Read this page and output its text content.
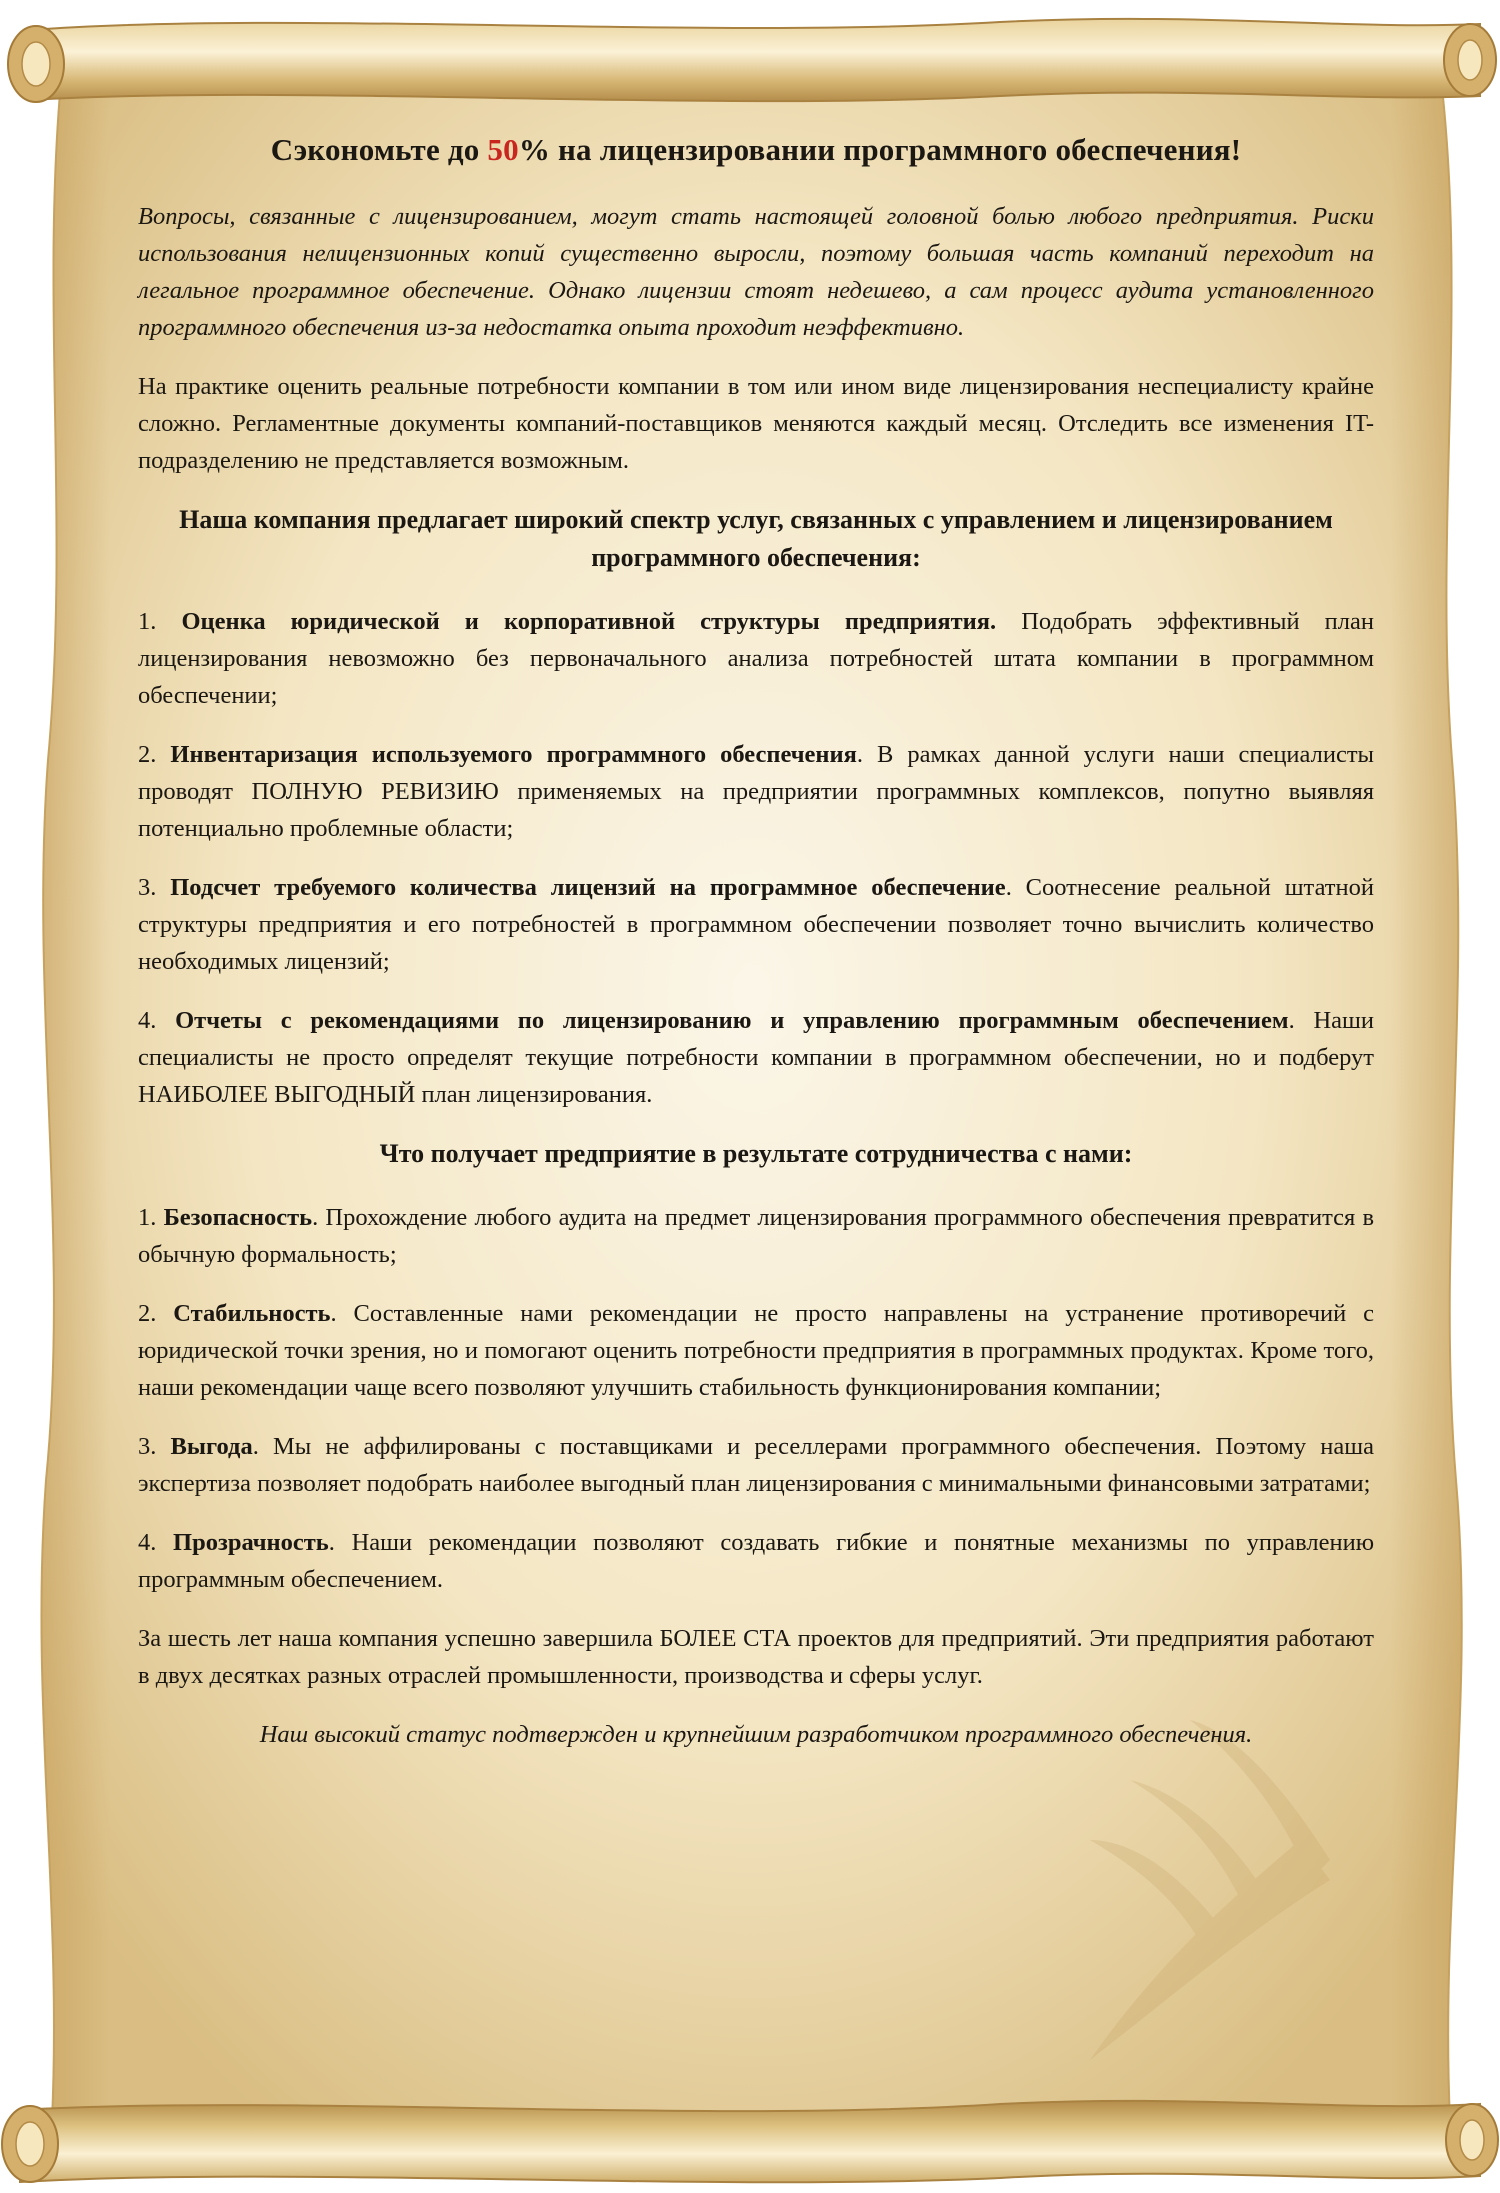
Сэкономьте до 50% на лицензировании программного обеспечения!

Вопросы, связанные с лицензированием, могут стать настоящей головной болью любого предприятия. Риски использования нелицензионных копий существенно выросли, поэтому большая часть компаний переходит на легальное программное обеспечение. Однако лицензии стоят недешево, а сам процесс аудита установленного программного обеспечения из-за недостатка опыта проходит неэффективно.

На практике оценить реальные потребности компании в том или ином виде лицензирования неспециалисту крайне сложно. Регламентные документы компаний-поставщиков меняются каждый месяц. Отследить все изменения IT-подразделению не представляется возможным.

Наша компания предлагает широкий спектр услуг, связанных с управлением и лицензированием программного обеспечения:

1. Оценка юридической и корпоративной структуры предприятия. Подобрать эффективный план лицензирования невозможно без первоначального анализа потребностей штата компании в программном обеспечении;

2. Инвентаризация используемого программного обеспечения. В рамках данной услуги наши специалисты проводят ПОЛНУЮ РЕВИЗИЮ применяемых на предприятии программных комплексов, попутно выявляя потенциально проблемные области;

3. Подсчет требуемого количества лицензий на программное обеспечение. Соотнесение реальной штатной структуры предприятия и его потребностей в программном обеспечении позволяет точно вычислить количество необходимых лицензий;

4. Отчеты с рекомендациями по лицензированию и управлению программным обеспечением. Наши специалисты не просто определят текущие потребности компании в программном обеспечении, но и подберут НАИБОЛЕЕ ВЫГОДНЫЙ план лицензирования.

Что получает предприятие в результате сотрудничества с нами:

1. Безопасность. Прохождение любого аудита на предмет лицензирования программного обеспечения превратится в обычную формальность;

2. Стабильность. Составленные нами рекомендации не просто направлены на устранение противоречий с юридической точки зрения, но и помогают оценить потребности предприятия в программных продуктах. Кроме того, наши рекомендации чаще всего позволяют улучшить стабильность функционирования компании;

3. Выгода. Мы не аффилированы с поставщиками и реселлерами программного обеспечения. Поэтому наша экспертиза позволяет подобрать наиболее выгодный план лицензирования с минимальными финансовыми затратами;

4. Прозрачность. Наши рекомендации позволяют создавать гибкие и понятные механизмы по управлению программным обеспечением.

За шесть лет наша компания успешно завершила БОЛЕЕ СТА проектов для предприятий. Эти предприятия работают в двух десятках разных отраслей промышленности, производства и сферы услуг.

Наш высокий статус подтвержден и крупнейшим разработчиком программного обеспечения.
